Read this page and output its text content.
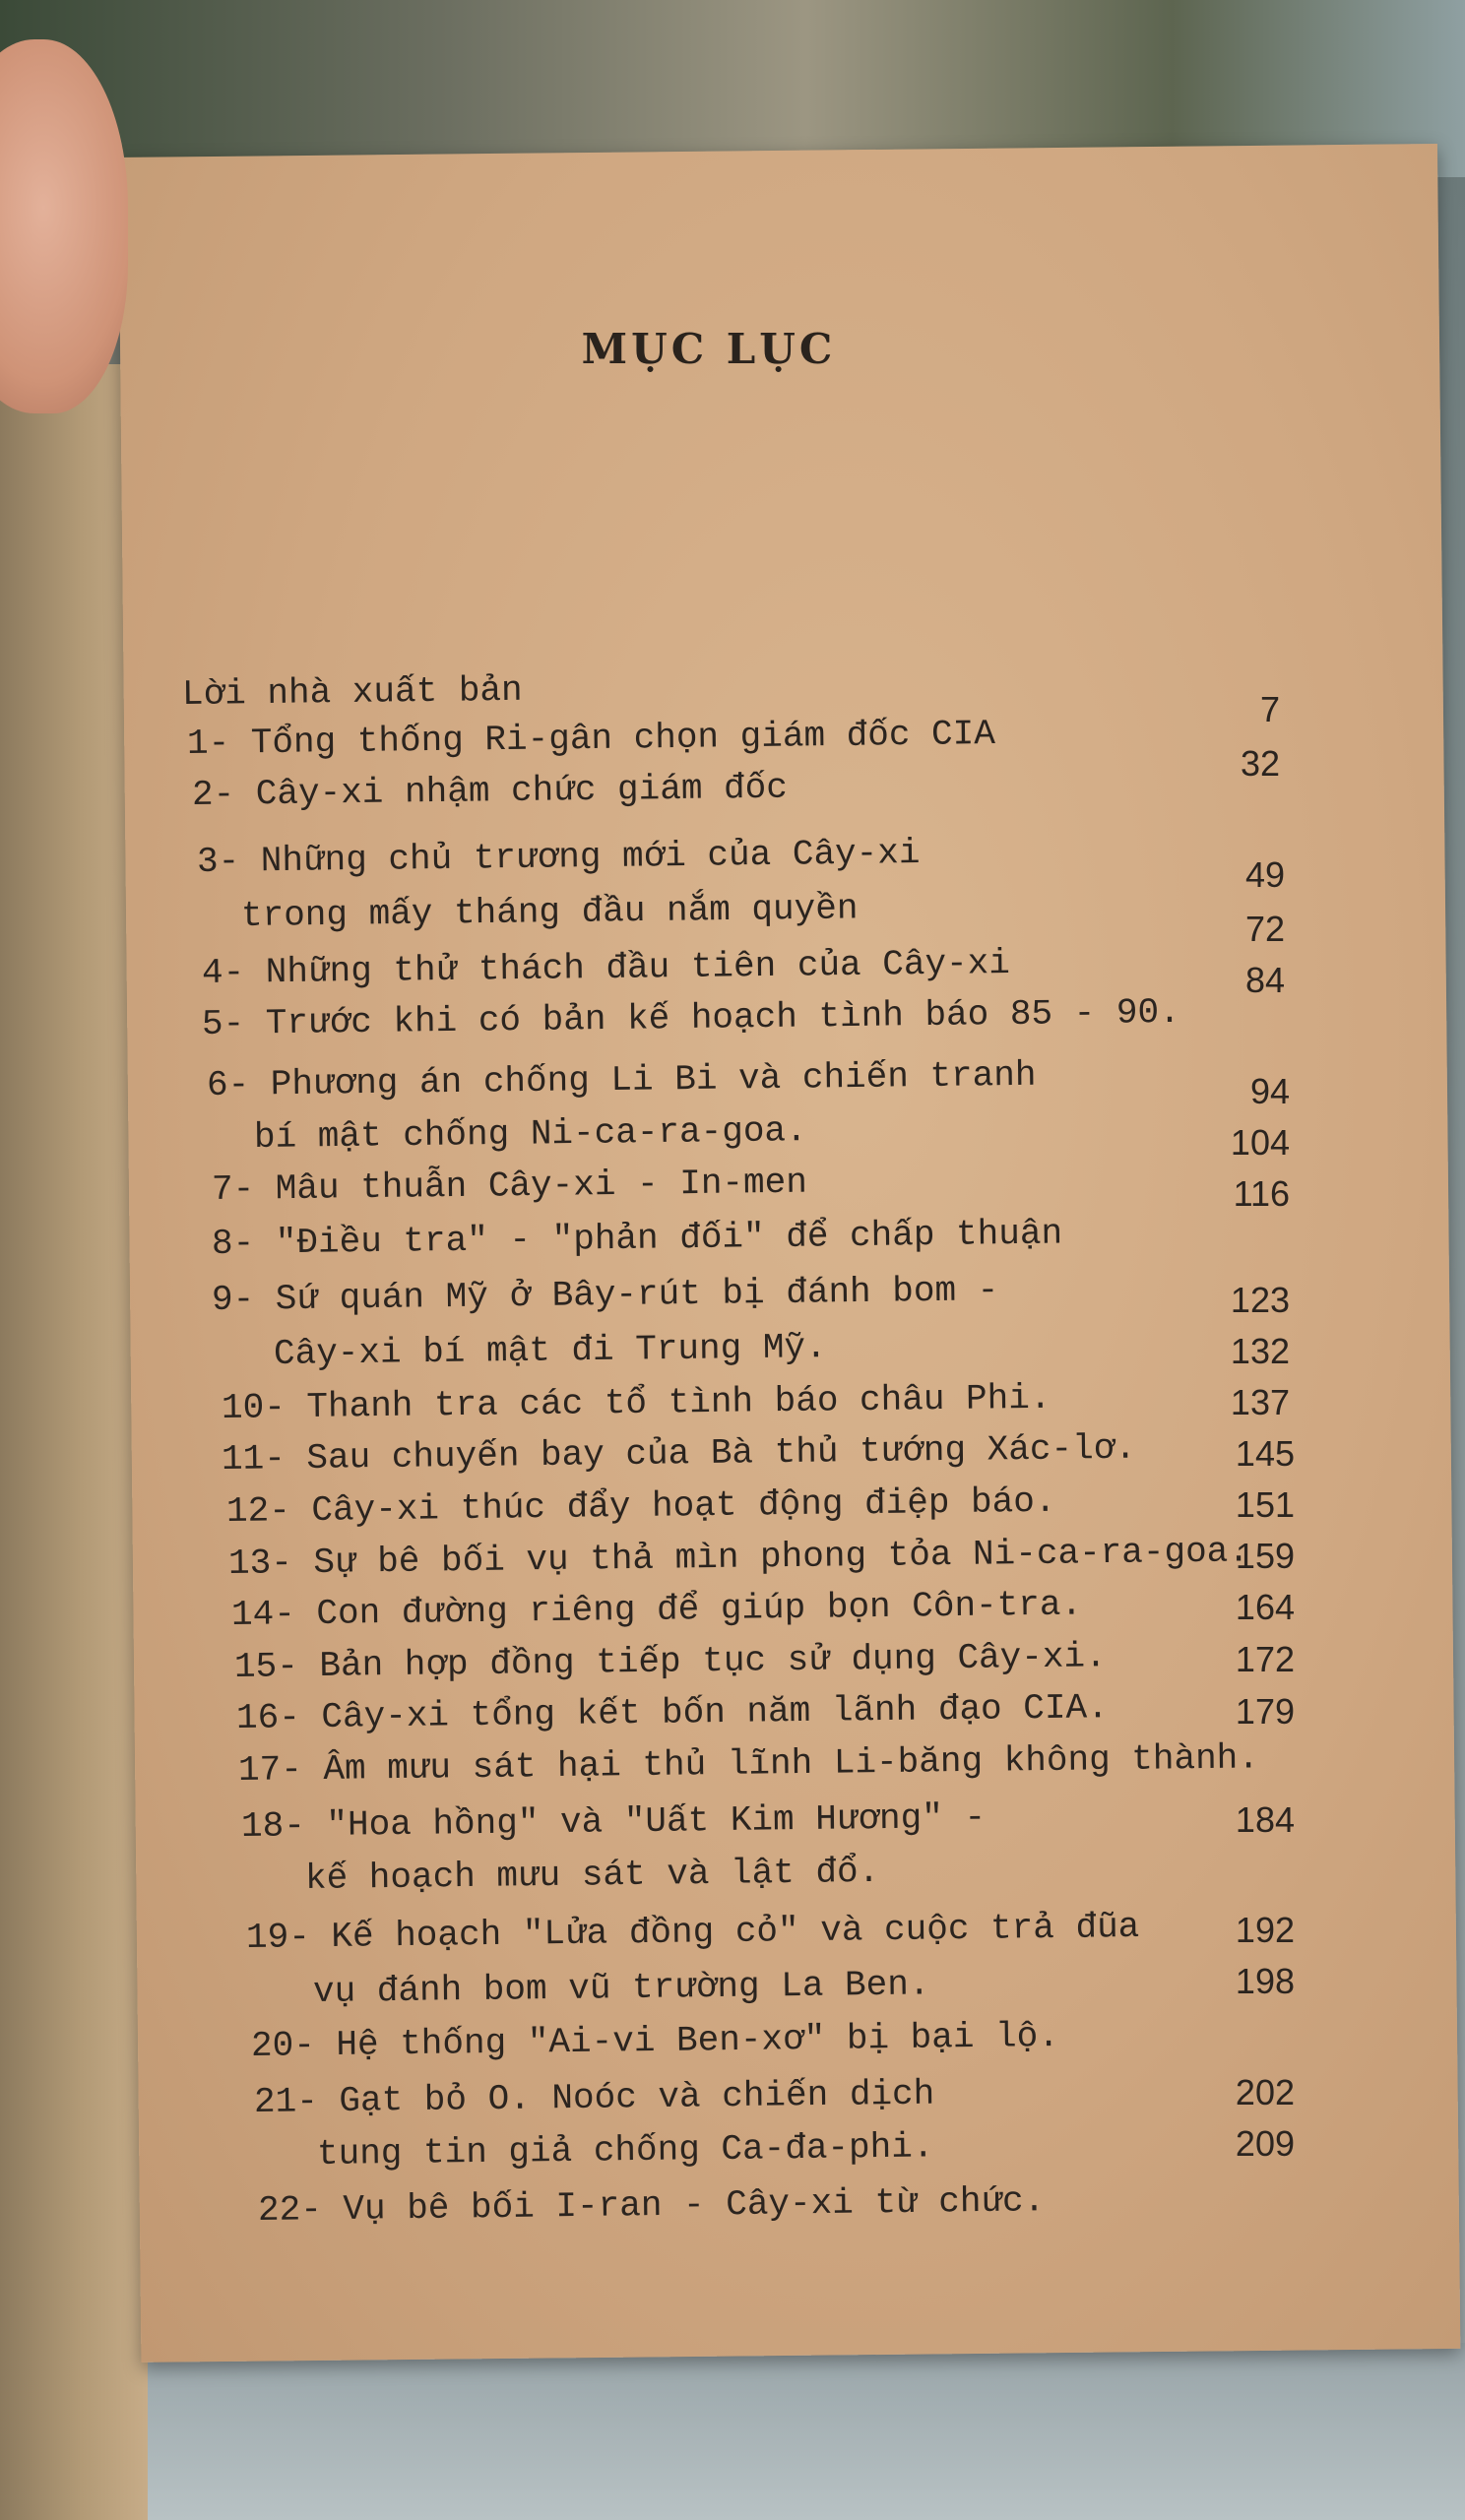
MỤC LỤC
Lời nhà xuất bản
1- Tổng thống Ri-gân chọn giám đốc CIA
2- Cây-xi nhậm chức giám đốc
3- Những chủ trương mới của Cây-xi
trong mấy tháng đầu nắm quyền
4- Những thử thách đầu tiên của Cây-xi
5- Trước khi có bản kế hoạch tình báo 85 - 90.
6- Phương án chống Li Bi và chiến tranh
bí mật chống Ni-ca-ra-goa.
7- Mâu thuẫn Cây-xi - In-men
8- "Điều tra" - "phản đối" để chấp thuận
9- Sứ quán Mỹ ở Bây-rút bị đánh bom -
Cây-xi bí mật đi Trung Mỹ.
10- Thanh tra các tổ tình báo châu Phi.
11- Sau chuyến bay của Bà thủ tướng Xác-lơ.
12- Cây-xi thúc đẩy hoạt động điệp báo.
13- Sự bê bối vụ thả mìn phong tỏa Ni-ca-ra-goa.
14- Con đường riêng để giúp bọn Côn-tra.
15- Bản hợp đồng tiếp tục sử dụng Cây-xi.
16- Cây-xi tổng kết bốn năm lãnh đạo CIA.
17- Âm mưu sát hại thủ lĩnh Li-băng không thành.
18- "Hoa hồng" và "Uất Kim Hương" -
kế hoạch mưu sát và lật đổ.
19- Kế hoạch "Lửa đồng cỏ" và cuộc trả đũa
vụ đánh bom vũ trường La Ben.
20- Hệ thống "Ai-vi Ben-xơ" bị bại lộ.
21- Gạt bỏ O. Noóc và chiến dịch
tung tin giả chống Ca-đa-phi.
22- Vụ bê bối I-ran - Cây-xi từ chức.
7
32
49
72
84
94
104
116
123
132
137
145
151
159
164
172
179
184
192
198
202
209
